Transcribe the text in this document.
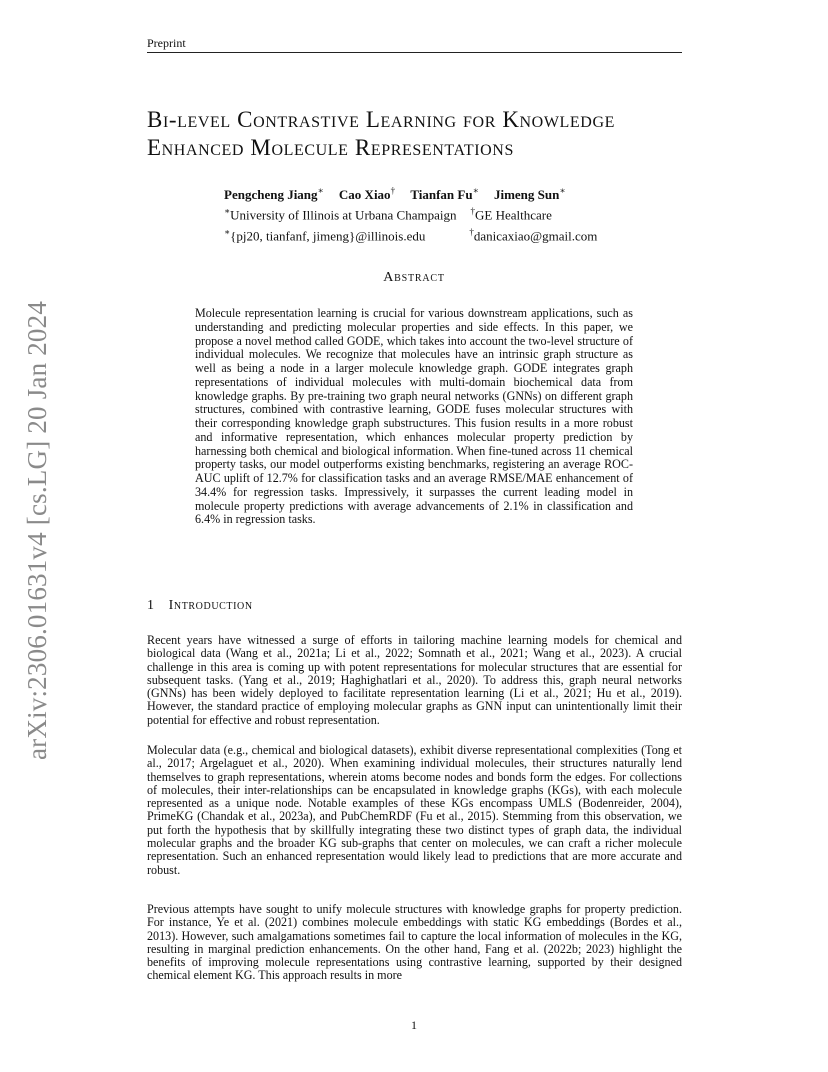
Preprint
arXiv:2306.01631v4 [cs.LG] 20 Jan 2024
Bi-level Contrastive Learning for Knowledge Enhanced Molecule Representations
Pengcheng Jiang∗ Cao Xiao† Tianfan Fu∗ Jimeng Sun∗
∗University of Illinois at Urbana Champaign †GE Healthcare
∗{pj20, tianfanf, jimeng}@illinois.edu	†danicaxiao@gmail.com
Abstract

Molecule representation learning is crucial for various downstream applications, such as understanding and predicting molecular properties and side effects. In this paper, we propose a novel method called GODE, which takes into account the two-level structure of individual molecules. We recognize that molecules have an intrinsic graph structure as well as being a node in a larger molecule knowledge graph. GODE integrates graph representations of individual molecules with multi-domain biochemical data from knowledge graphs. By pre-training two graph neural networks (GNNs) on different graph structures, combined with contrastive learning, GODE fuses molecular structures with their corresponding knowledge graph substructures. This fusion results in a more robust and informative representation, which enhances molecular property prediction by harnessing both chemical and biological information. When fine-tuned across 11 chemical property tasks, our model outperforms existing benchmarks, registering an average ROC-AUC uplift of 12.7% for classification tasks and an average RMSE/MAE enhancement of 34.4% for regression tasks. Impressively, it surpasses the current leading model in molecule property predictions with average advancements of 2.1% in classification and 6.4% in regression tasks.

1 Introduction

Recent years have witnessed a surge of efforts in tailoring machine learning models for chemical and biological data (Wang et al., 2021a; Li et al., 2022; Somnath et al., 2021; Wang et al., 2023). A crucial challenge in this area is coming up with potent representations for molecular structures that are essential for subsequent tasks. (Yang et al., 2019; Haghighatlari et al., 2020). To address this, graph neural networks (GNNs) has been widely deployed to facilitate representation learning (Li et al., 2021; Hu et al., 2019). However, the standard practice of employing molecular graphs as GNN input can unintentionally limit their potential for effective and robust representation.

Molecular data (e.g., chemical and biological datasets), exhibit diverse representational complexities (Tong et al., 2017; Argelaguet et al., 2020). When examining individual molecules, their structures naturally lend themselves to graph representations, wherein atoms become nodes and bonds form the edges. For collections of molecules, their inter-relationships can be encapsulated in knowledge graphs (KGs), with each molecule represented as a unique node. Notable examples of these KGs encompass UMLS (Bodenreider, 2004), PrimeKG (Chandak et al., 2023a), and PubChemRDF (Fu et al., 2015). Stemming from this observation, we put forth the hypothesis that by skillfully integrating these two distinct types of graph data, the individual molecular graphs and the broader KG sub-graphs that center on molecules, we can craft a richer molecule representation. Such an enhanced representation would likely lead to predictions that are more accurate and robust.

Previous attempts have sought to unify molecule structures with knowledge graphs for property prediction. For instance, Ye et al. (2021) combines molecule embeddings with static KG embeddings (Bordes et al., 2013). However, such amalgamations sometimes fail to capture the local information of molecules in the KG, resulting in marginal prediction enhancements. On the other hand, Fang et al. (2022b; 2023) highlight the benefits of improving molecule representations using contrastive learning, supported by their designed chemical element KG. This approach results in more

1
